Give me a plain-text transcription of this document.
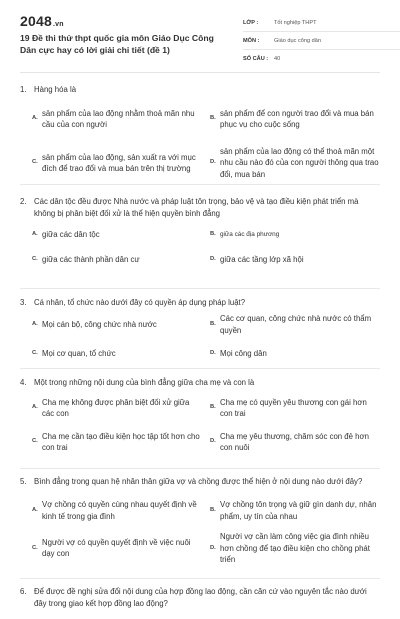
2048.vn
19 Đề thi thử thpt quốc gia môn Giáo Dục Công Dân cực hay có lời giải chi tiết (đề 1)
LỚP :	Tốt nghiệp THPT
MÔN :	Giáo dục công dân
SỐ CÂU :	40
1. Hàng hóa là
A.
sản phẩm của lao động nhằm thoả mãn nhu cầu của con người
B.
sản phẩm để con người trao đổi và mua bán phục vụ cho cuộc sống
C.
sản phẩm của lao động, sản xuất ra với mục đích để trao đổi và mua bán trên thị trường
D.
sản phẩm của lao động có thể thoả mãn một nhu cầu nào đó của con người thông qua trao đổi, mua bán
2. Các dân tộc đều được Nhà nước và pháp luật tôn trọng, bảo vệ và tạo điều kiện phát triển mà không bị phân biệt đối xử là thể hiện quyền bình đẳng
A. giữa các dân tộc	B. giữa các địa phương
C. giữa các thành phần dân cư	D. giữa các tầng lớp xã hội
3. Cá nhân, tổ chức nào dưới đây có quyền áp dụng pháp luật?
A. Mọi cán bộ, công chức nhà nước	B.
Các cơ quan, công chức nhà nước có thẩm quyền
C. Mọi cơ quan, tổ chức	D. Mọi công dân
4. Một trong những nội dung của bình đẳng giữa cha mẹ và con là
A.
Cha mẹ không được phân biệt đối xử giữa các con
B.
Cha mẹ có quyền yêu thương con gái hơn con trai
C.
Cha mẹ cần tạo điều kiện học tập tốt hơn cho con trai
D.
Cha mẹ yêu thương, chăm sóc con đẻ hơn con nuôi
5. Bình đẳng trong quan hệ nhân thân giữa vợ và chồng được thể hiện ở nội dung nào dưới đây?
A.
Vợ chồng có quyền cùng nhau quyết định về kinh tế trong gia đình
B.
Vợ chồng tôn trọng và giữ gìn danh dự, nhân phẩm, uy tín của nhau
C.
Người vợ có quyền quyết định về việc nuôi dạy con
D.
Người vợ cần làm công việc gia đình nhiều hơn chồng để tạo điều kiện cho chồng phát triển
6. Để được đề nghị sửa đổi nội dung của hợp đồng lao động, cần căn cứ vào nguyên tắc nào dưới đây trong giao kết hợp đồng lao động?
